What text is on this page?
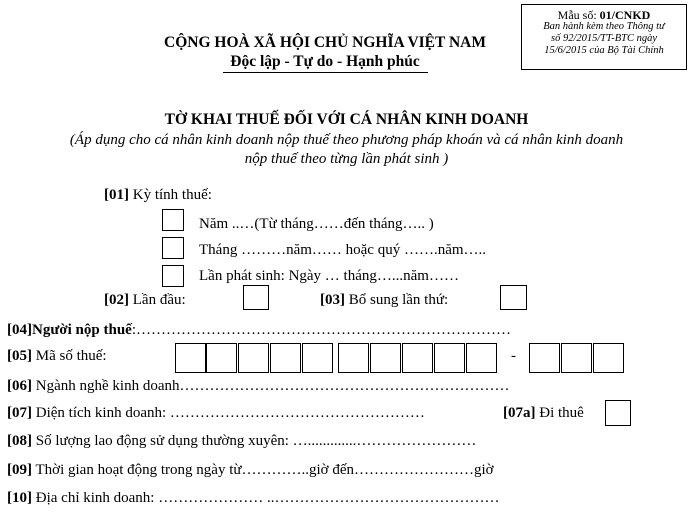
Mẫu số: 01/CNKD
Ban hành kèm theo Thông tư
số 92/2015/TT-BTC ngày
15/6/2015 của Bộ Tài Chính
CỘNG HOÀ XÃ HỘI CHỦ NGHĨA VIỆT NAM
Độc lập - Tự do - Hạnh phúc
TỜ KHAI THUẾ ĐỐI VỚI CÁ NHÂN KINH DOANH
(Áp dụng cho cá nhân kinh doanh nộp thuế theo phương pháp khoán và cá nhân kinh doanh
nộp thuế theo từng lần phát sinh )
[01] Kỳ tính thuế:
Năm ..…(Từ tháng……đến tháng….. )
Tháng ………năm…… hoặc quý …….năm…..
Lần phát sinh: Ngày … tháng…...năm……
[02] Lần đầu:	[03] Bổ sung lần thứ:
[04]Người nộp thuế:…………………………………………………………………
[05] Mã số thuế:	-
[06] Ngành nghề kinh doanh…………………………………………………………
[07] Diện tích kinh doanh: ……………………………………………	[07a] Đi thuê
[08] Số lượng lao động sử dụng thường xuyên: ….............……………………
[09] Thời gian hoạt động trong ngày từ…………..giờ đến……………………giờ
[10] Địa chỉ kinh doanh: ………………… ..………………………………………
